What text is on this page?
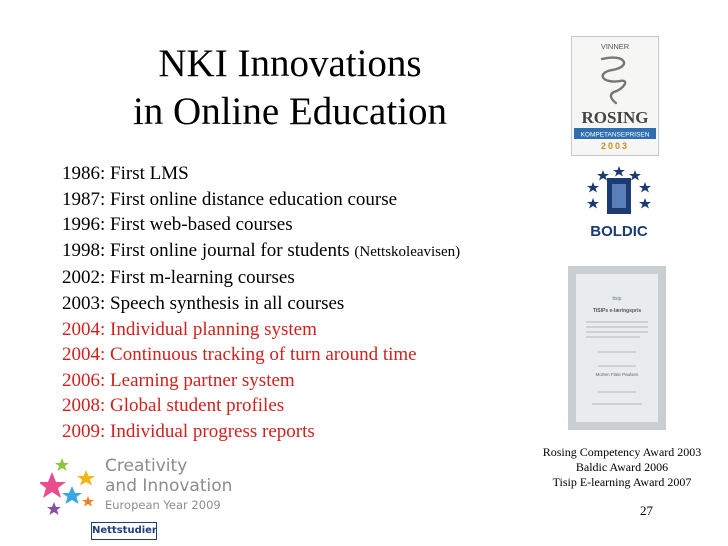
NKI Innovations
in Online Education
1986: First LMS
1987: First online distance education course
1996: First web-based courses
1998: First online journal for students (Nettskoleavisen)
2002: First m-learning courses
2003: Speech synthesis in all courses
2004: Individual planning system
2004: Continuous tracking of turn around time
2006: Learning partner system
2008: Global student profiles
2009: Individual progress reports
VINNER
ROSING
KOMPETANSEPRISEN
2003
BOLDIC
tisip
TISIPs e-læringspris
Morten Flate Paulsen
Rosing Competency Award 2003
Baldic Award 2006
Tisip E-learning Award 2007
27
Creativity
and Innovation
European Year 2009
Nettstudier
